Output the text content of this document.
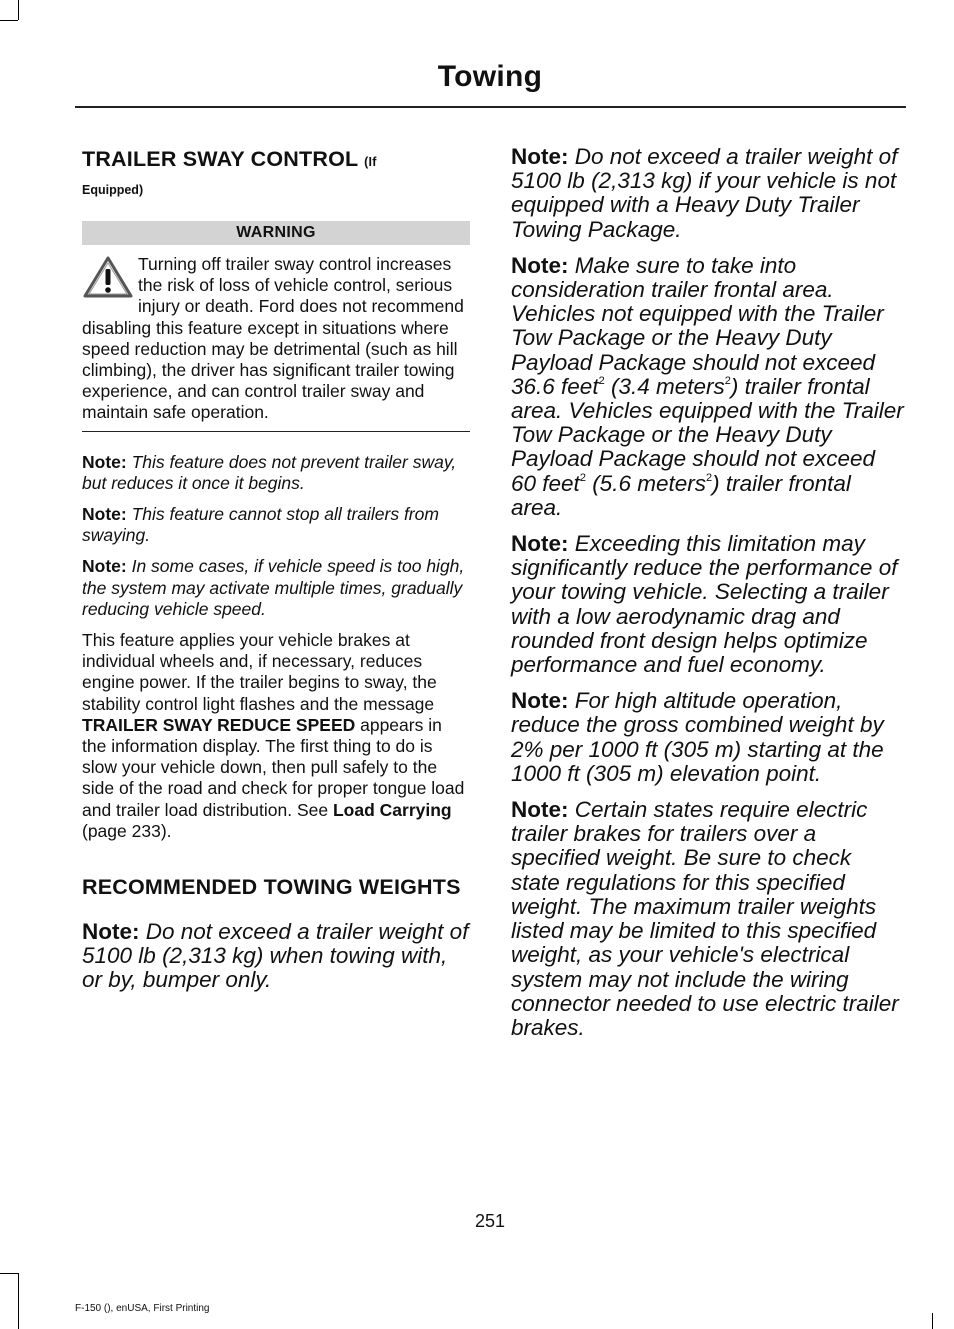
Towing
TRAILER SWAY CONTROL (If
Equipped)
WARNING
Turning off trailer sway control increases the risk of loss of vehicle control, serious injury or death. Ford does not recommend disabling this feature except in situations where speed reduction may be detrimental (such as hill climbing), the driver has significant trailer towing experience, and can control trailer sway and maintain safe operation.
Note: This feature does not prevent trailer sway, but reduces it once it begins.
Note: This feature cannot stop all trailers from swaying.
Note: In some cases, if vehicle speed is too high, the system may activate multiple times, gradually reducing vehicle speed.
This feature applies your vehicle brakes at individual wheels and, if necessary, reduces engine power. If the trailer begins to sway, the stability control light flashes and the message TRAILER SWAY REDUCE SPEED appears in the information display. The first thing to do is slow your vehicle down, then pull safely to the side of the road and check for proper tongue load and trailer load distribution. See Load Carrying (page 233).
RECOMMENDED TOWING WEIGHTS
Note: Do not exceed a trailer weight of 5100 lb (2,313 kg) when towing with, or by, bumper only.
Note: Do not exceed a trailer weight of 5100 lb (2,313 kg) if your vehicle is not equipped with a Heavy Duty Trailer Towing Package.
Note: Make sure to take into consideration trailer frontal area. Vehicles not equipped with the Trailer Tow Package or the Heavy Duty Payload Package should not exceed 36.6 feet$^2$ (3.4 meters$^2$) trailer frontal area. Vehicles equipped with the Trailer Tow Package or the Heavy Duty Payload Package should not exceed 60 feet$^2$ (5.6 meters$^2$) trailer frontal area.
Note: Exceeding this limitation may significantly reduce the performance of your towing vehicle. Selecting a trailer with a low aerodynamic drag and rounded front design helps optimize performance and fuel economy.
Note: For high altitude operation, reduce the gross combined weight by 2% per 1000 ft (305 m) starting at the 1000 ft (305 m) elevation point.
Note: Certain states require electric trailer brakes for trailers over a specified weight. Be sure to check state regulations for this specified weight. The maximum trailer weights listed may be limited to this specified weight, as your vehicle's electrical system may not include the wiring connector needed to use electric trailer brakes.
251
F-150 (), enUSA, First Printing
